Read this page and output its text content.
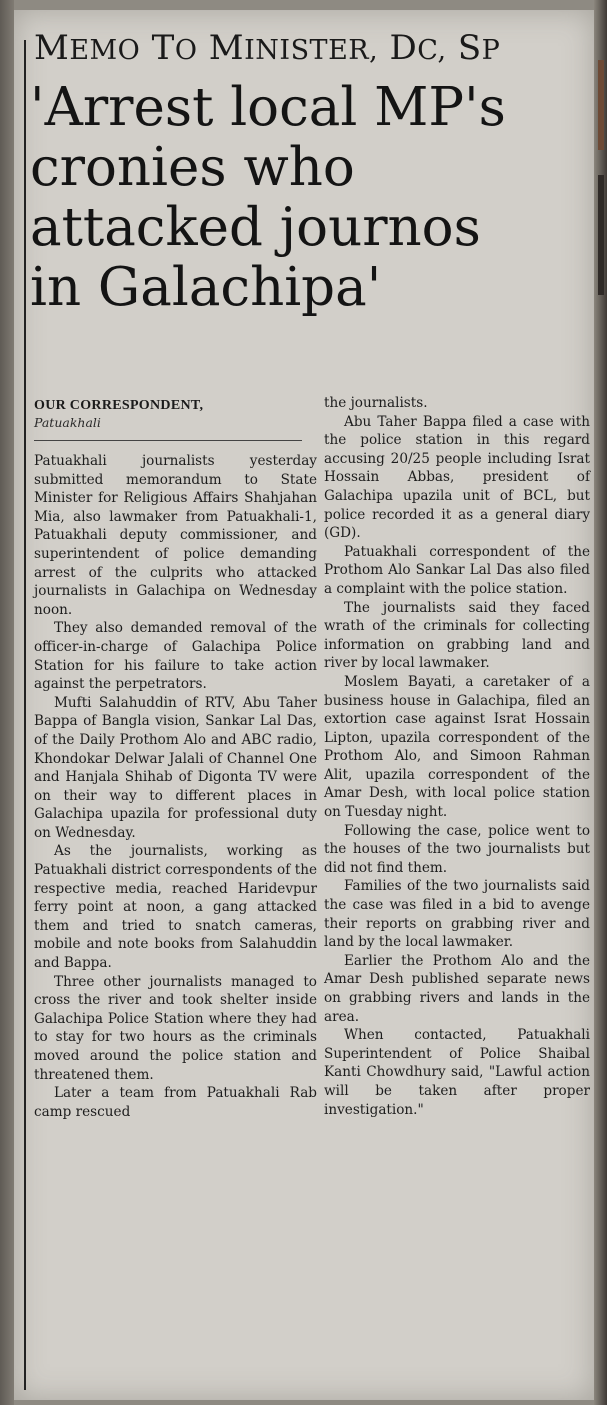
MEMO TO MINISTER, DC, SP
'Arrest local MP's
cronies who
attacked journos
in Galachipa'
OUR CORRESPONDENT,
Patuakhali

Patuakhali journalists yesterday submitted memorandum to State Minister for Religious Affairs Shahjahan Mia, also lawmaker from Patuakhali-1, Patuakhali deputy commissioner, and superintendent of police demanding arrest of the culprits who attacked journalists in Galachipa on Wednesday noon.

They also demanded removal of the officer-in-charge of Galachipa Police Station for his failure to take action against the perpetrators.

Mufti Salahuddin of RTV, Abu Taher Bappa of Bangla vision, Sankar Lal Das, of the Daily Prothom Alo and ABC radio, Khondokar Delwar Jalali of Channel One and Hanjala Shihab of Digonta TV were on their way to different places in Galachipa upazila for professional duty on Wednesday.

As the journalists, working as Patuakhali district correspondents of the respective media, reached Haridevpur ferry point at noon, a gang attacked them and tried to snatch cameras, mobile and note books from Salahuddin and Bappa.

Three other journalists managed to cross the river and took shelter inside Galachipa Police Station where they had to stay for two hours as the criminals moved around the police station and threatened them.

Later a team from Patuakhali Rab camp rescued

the journalists.

Abu Taher Bappa filed a case with the police station in this regard accusing 20/25 people including Israt Hossain Abbas, president of Galachipa upazila unit of BCL, but police recorded it as a general diary (GD).

Patuakhali correspondent of the Prothom Alo Sankar Lal Das also filed a complaint with the police station.

The journalists said they faced wrath of the criminals for collecting information on grabbing land and river by local lawmaker.

Moslem Bayati, a caretaker of a business house in Galachipa, filed an extortion case against Israt Hossain Lipton, upazila correspondent of the Prothom Alo, and Simoon Rahman Alit, upazila correspondent of the Amar Desh, with local police station on Tuesday night.

Following the case, police went to the houses of the two journalists but did not find them.

Families of the two journalists said the case was filed in a bid to avenge their reports on grabbing river and land by the local lawmaker.

Earlier the Prothom Alo and the Amar Desh published separate news on grabbing rivers and lands in the area.

When contacted, Patuakhali Superintendent of Police Shaibal Kanti Chowdhury said, "Lawful action will be taken after proper investigation."
